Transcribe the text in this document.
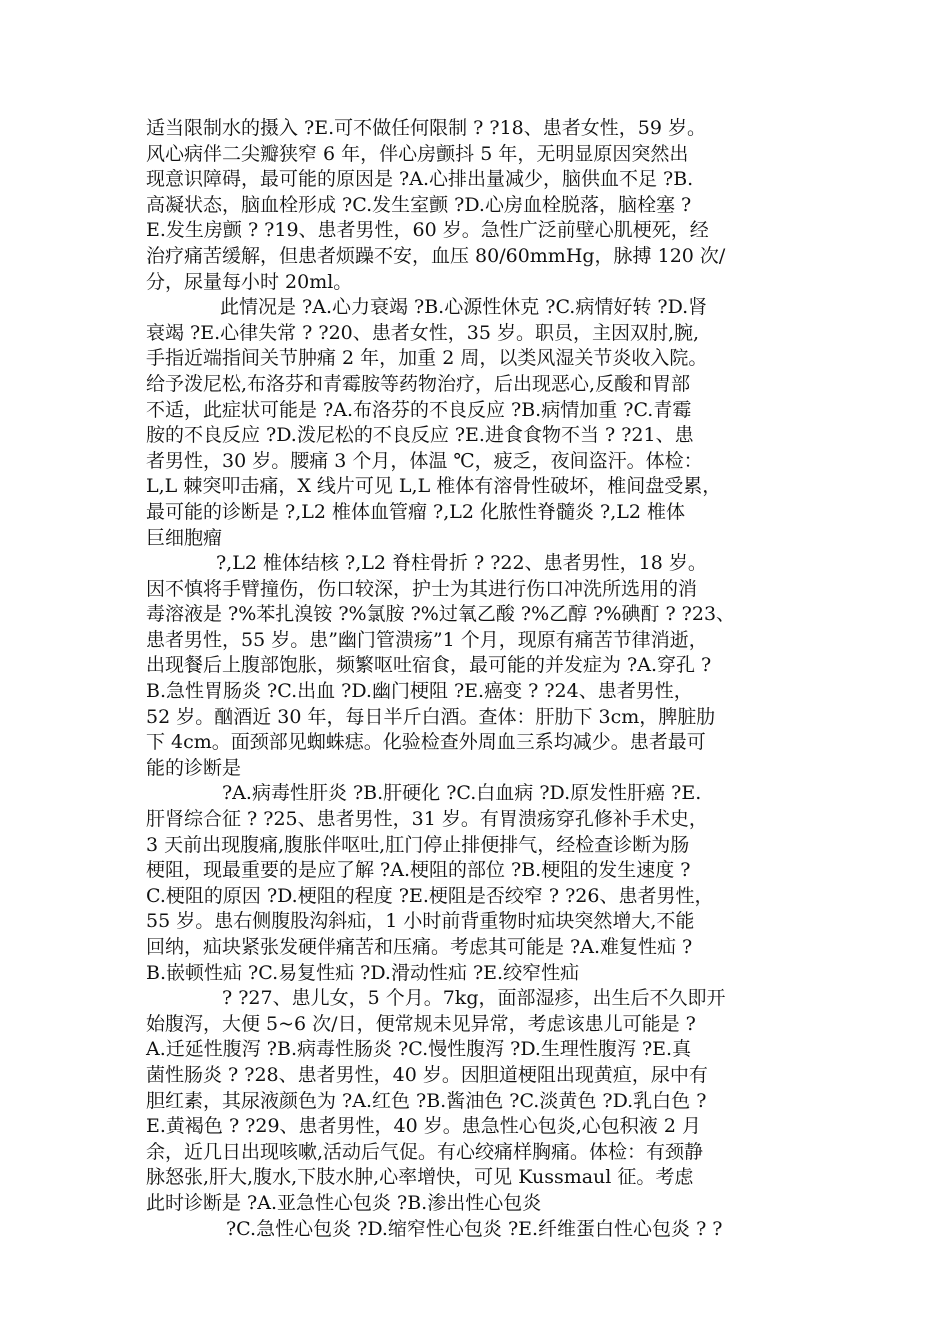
适当限制水的摄入 ?E.可不做任何限制 ? ?18、患者女性，59 岁。
风心病伴二尖瓣狭窄 6 年，伴心房颤抖 5 年，无明显原因突然出
现意识障碍，最可能的原因是 ?A.心排出量减少，脑供血不足 ?B.
高凝状态，脑血栓形成 ?C.发生室颤 ?D.心房血栓脱落，脑栓塞 ?
E.发生房颤 ? ?19、患者男性，60 岁。急性广泛前壁心肌梗死，经
治疗痛苦缓解，但患者烦躁不安，血压 80/60mmHg，脉搏 120 次/
分，尿量每小时 20ml。
此情况是 ?A.心力衰竭 ?B.心源性休克 ?C.病情好转 ?D.肾
衰竭 ?E.心律失常 ? ?20、患者女性，35 岁。职员，主因双肘,腕,
手指近端指间关节肿痛 2 年，加重 2 周，以类风湿关节炎收入院。
给予泼尼松,布洛芬和青霉胺等药物治疗，后出现恶心,反酸和胃部
不适，此症状可能是 ?A.布洛芬的不良反应 ?B.病情加重 ?C.青霉
胺的不良反应 ?D.泼尼松的不良反应 ?E.进食食物不当 ? ?21、患
者男性，30 岁。腰痛 3 个月，体温 ℃，疲乏，夜间盗汗。体检：
L,L 棘突叩击痛，X 线片可见 L,L 椎体有溶骨性破坏，椎间盘受累，
最可能的诊断是 ?,L2 椎体血管瘤 ?,L2 化脓性脊髓炎 ?,L2 椎体
巨细胞瘤
?,L2 椎体结核 ?,L2 脊柱骨折 ? ?22、患者男性，18 岁。
因不慎将手臂撞伤，伤口较深，护士为其进行伤口冲洗所选用的消
毒溶液是 ?%苯扎溴铵 ?%氯胺 ?%过氧乙酸 ?%乙醇 ?%碘酊 ? ?23、
患者男性，55 岁。患”幽门管溃疡”1 个月，现原有痛苦节律消逝，
出现餐后上腹部饱胀，频繁呕吐宿食，最可能的并发症为 ?A.穿孔 ?
B.急性胃肠炎 ?C.出血 ?D.幽门梗阻 ?E.癌变 ? ?24、患者男性，
52 岁。酗酒近 30 年，每日半斤白酒。查体：肝肋下 3cm，脾脏肋
下 4cm。面颈部见蜘蛛痣。化验检查外周血三系均减少。患者最可
能的诊断是
?A.病毒性肝炎 ?B.肝硬化 ?C.白血病 ?D.原发性肝癌 ?E.
肝肾综合征 ? ?25、患者男性，31 岁。有胃溃疡穿孔修补手术史，
3 天前出现腹痛,腹胀伴呕吐,肛门停止排便排气，经检查诊断为肠
梗阻，现最重要的是应了解 ?A.梗阻的部位 ?B.梗阻的发生速度 ?
C.梗阻的原因 ?D.梗阻的程度 ?E.梗阻是否绞窄 ? ?26、患者男性，
55 岁。患右侧腹股沟斜疝，1 小时前背重物时疝块突然增大,不能
回纳，疝块紧张发硬伴痛苦和压痛。考虑其可能是 ?A.难复性疝 ?
B.嵌顿性疝 ?C.易复性疝 ?D.滑动性疝 ?E.绞窄性疝
? ?27、患儿女，5 个月。7kg，面部湿疹，出生后不久即开
始腹泻，大便 5~6 次/日，便常规未见异常，考虑该患儿可能是 ?
A.迁延性腹泻 ?B.病毒性肠炎 ?C.慢性腹泻 ?D.生理性腹泻 ?E.真
菌性肠炎 ? ?28、患者男性，40 岁。因胆道梗阻出现黄疸，尿中有
胆红素，其尿液颜色为 ?A.红色 ?B.酱油色 ?C.淡黄色 ?D.乳白色 ?
E.黄褐色 ? ?29、患者男性，40 岁。患急性心包炎,心包积液 2 月
余，近几日出现咳嗽,活动后气促。有心绞痛样胸痛。体检：有颈静
脉怒张,肝大,腹水,下肢水肿,心率增快，可见 Kussmaul 征。考虑
此时诊断是 ?A.亚急性心包炎 ?B.渗出性心包炎
?C.急性心包炎 ?D.缩窄性心包炎 ?E.纤维蛋白性心包炎 ? ?
